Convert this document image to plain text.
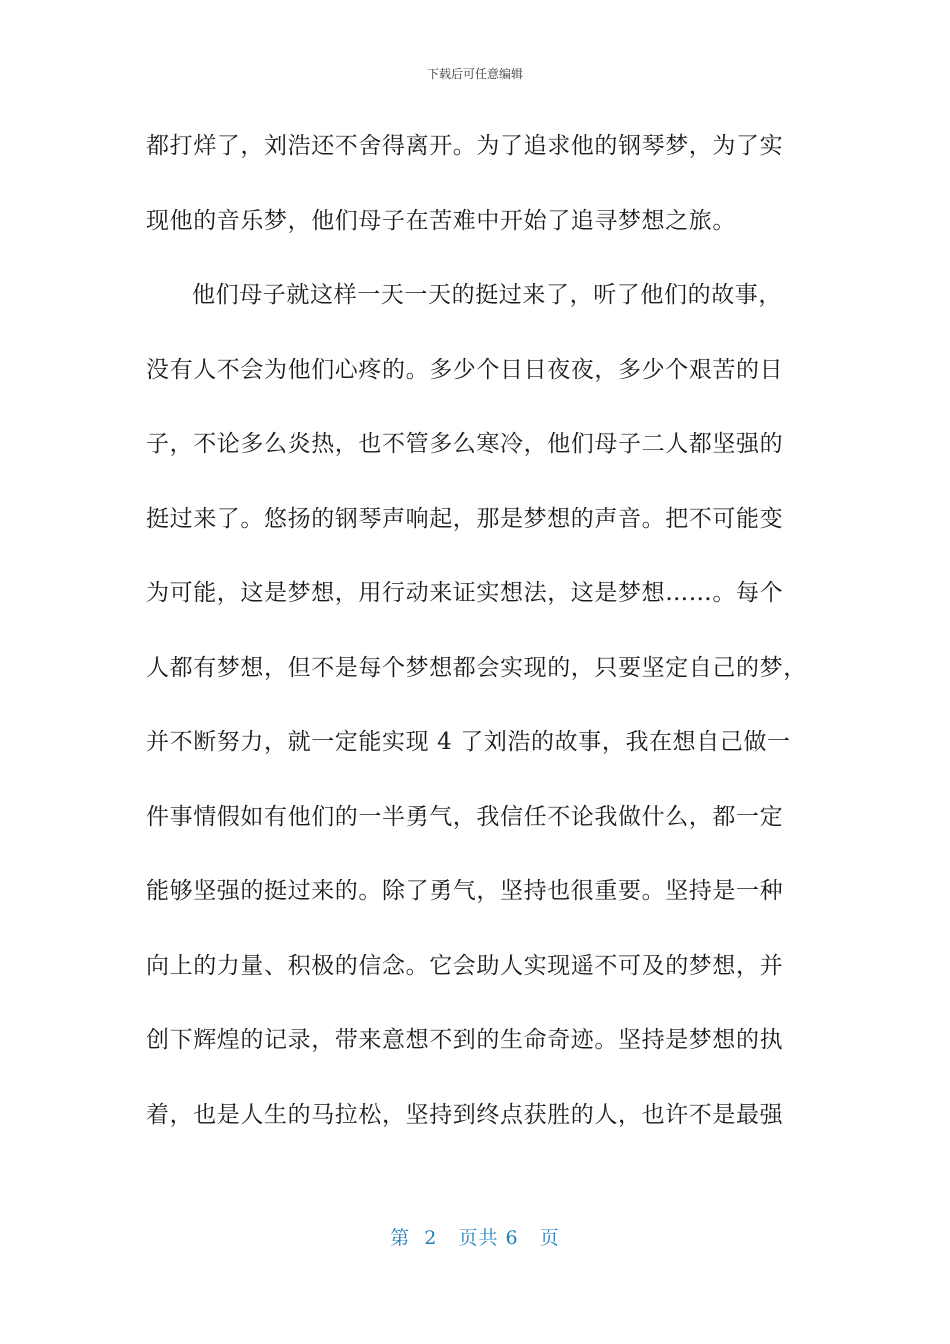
下载后可任意编辑
都打烊了，刘浩还不舍得离开。为了追求他的钢琴梦，为了实
现他的音乐梦，他们母子在苦难中开始了追寻梦想之旅。
他们母子就这样一天一天的挺过来了，听了他们的故事，
没有人不会为他们心疼的。多少个日日夜夜，多少个艰苦的日
子，不论多么炎热，也不管多么寒冷，他们母子二人都坚强的
挺过来了。悠扬的钢琴声响起，那是梦想的声音。把不可能变
为可能，这是梦想，用行动来证实想法，这是梦想……。每个
人都有梦想，但不是每个梦想都会实现的，只要坚定自己的梦，
并不断努力，就一定能实现 4 了刘浩的故事，我在想自己做一
件事情假如有他们的一半勇气，我信任不论我做什么，都一定
能够坚强的挺过来的。除了勇气，坚持也很重要。坚持是一种
向上的力量、积极的信念。它会助人实现遥不可及的梦想，并
创下辉煌的记录，带来意想不到的生命奇迹。坚持是梦想的执
着，也是人生的马拉松，坚持到终点获胜的人，也许不是最强
第  2   页共 6   页
